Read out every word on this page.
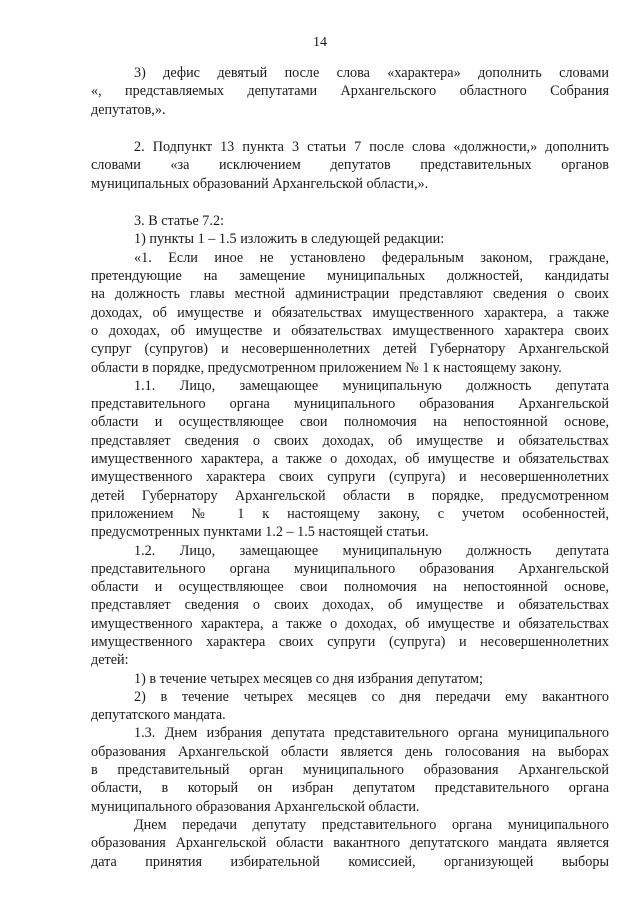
14

3) дефис девятый после слова «характера» дополнить словами
«, представляемых депутатами Архангельского областного Собрания
депутатов,».

2. Подпункт 13 пункта 3 статьи 7 после слова «должности,» дополнить
словами «за исключением депутатов представительных органов
муниципальных образований Архангельской области,».

3. В статье 7.2:

1) пункты 1 – 1.5 изложить в следующей редакции:

«1. Если иное не установлено федеральным законом, граждане,
претендующие на замещение муниципальных должностей, кандидаты
на должность главы местной администрации представляют сведения о своих
доходах, об имуществе и обязательствах имущественного характера, а также
о доходах, об имуществе и обязательствах имущественного характера своих
супруг (супругов) и несовершеннолетних детей Губернатору Архангельской
области в порядке, предусмотренном приложением № 1 к настоящему закону.

1.1. Лицо, замещающее муниципальную должность депутата
представительного органа муниципального образования Архангельской
области и осуществляющее свои полномочия на непостоянной основе,
представляет сведения о своих доходах, об имуществе и обязательствах
имущественного характера, а также о доходах, об имуществе и обязательствах
имущественного характера своих супруги (супруга) и несовершеннолетних
детей Губернатору Архангельской области в порядке, предусмотренном
приложением № 1 к настоящему закону, с учетом особенностей,
предусмотренных пунктами 1.2 – 1.5 настоящей статьи.

1.2. Лицо, замещающее муниципальную должность депутата
представительного органа муниципального образования Архангельской
области и осуществляющее свои полномочия на непостоянной основе,
представляет сведения о своих доходах, об имуществе и обязательствах
имущественного характера, а также о доходах, об имуществе и обязательствах
имущественного характера своих супруги (супруга) и несовершеннолетних
детей:

1) в течение четырех месяцев со дня избрания депутатом;

2) в течение четырех месяцев со дня передачи ему вакантного
депутатского мандата.

1.3. Днем избрания депутата представительного органа муниципального
образования Архангельской области является день голосования на выборах
в представительный орган муниципального образования Архангельской
области, в который он избран депутатом представительного органа
муниципального образования Архангельской области.

Днем передачи депутату представительного органа муниципального
образования Архангельской области вакантного депутатского мандата является
дата принятия избирательной комиссией, организующей выборы
